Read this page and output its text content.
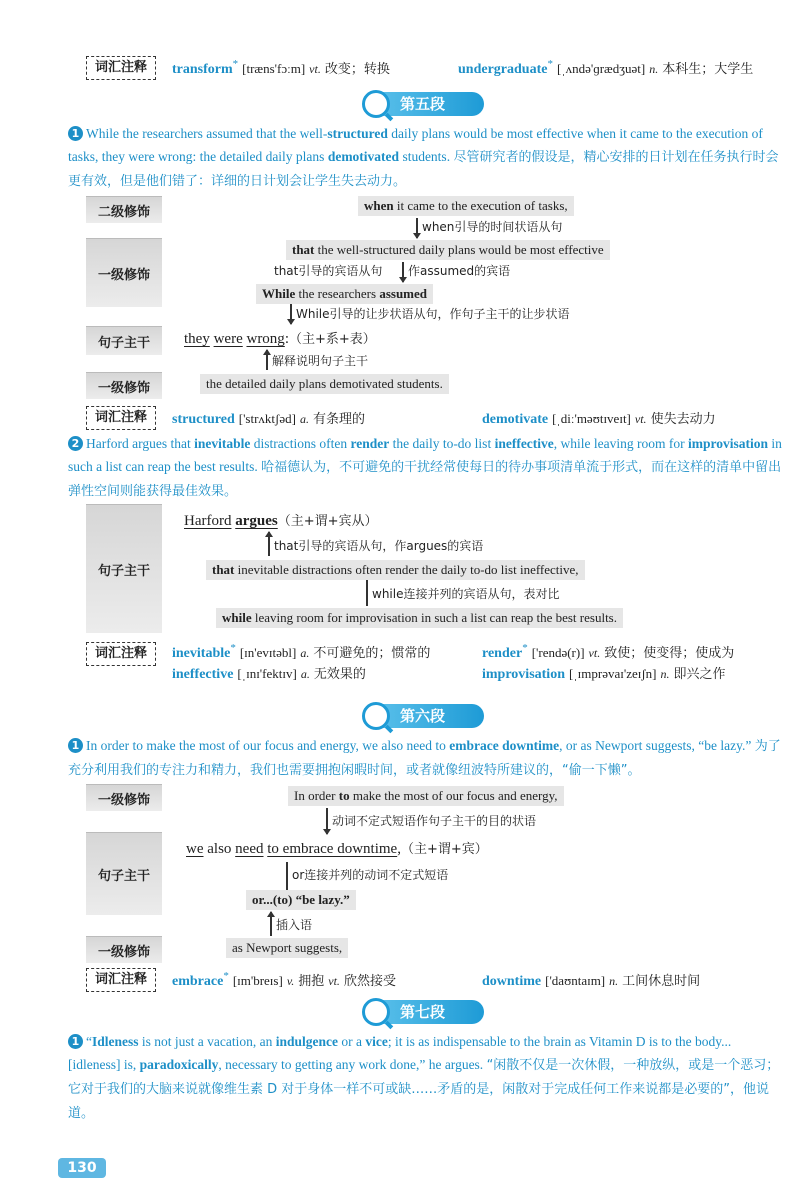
词汇注释	transform* [træns'fɔːm] vt. 改变；转换	undergraduate* [ˌʌndə'ɡrædʒuət] n. 本科生；大学生
第五段
1 While the researchers assumed that the well-structured daily plans would be most effective when it came to the execution of tasks, they were wrong: the detailed daily plans demotivated students. 尽管研究者的假设是，精心安排的日计划在任务执行时会更有效，但是他们错了：详细的日计划会让学生失去动力。
二级修饰
一级修饰
句子主干
一级修饰
when it came to the execution of tasks,
when引导的时间状语从句
that the well-structured daily plans would be most effective
that引导的宾语从句 作assumed的宾语
While the researchers assumed
While引导的让步状语从句，作句子主干的让步状语
they were wrong:（主+系+表）
解释说明句子主干
the detailed daily plans demotivated students.
词汇注释	structured ['strʌktʃəd] a. 有条理的	demotivate [ˌdiː'məʊtɪveɪt] vt. 使失去动力
2 Harford argues that inevitable distractions often render the daily to-do list ineffective, while leaving room for improvisation in such a list can reap the best results. 哈福德认为，不可避免的干扰经常使每日的待办事项清单流于形式，而在这样的清单中留出弹性空间则能获得最佳效果。
句子主干
Harford argues（主+谓+宾从）
that引导的宾语从句，作argues的宾语
that inevitable distractions often render the daily to-do list ineffective,
while连接并列的宾语从句，表对比
while leaving room for improvisation in such a list can reap the best results.
词汇注释	inevitable* [ɪn'evɪtəbl] a. 不可避免的；惯常的	render* ['rendə(r)] vt. 致使；使变得；使成为
ineffective [ˌɪnɪ'fektɪv] a. 无效果的	improvisation [ˌɪmprəvaɪ'zeɪʃn] n. 即兴之作
第六段
1 In order to make the most of our focus and energy, we also need to embrace downtime, or as Newport suggests, “be lazy.” 为了充分利用我们的专注力和精力，我们也需要拥抱闲暇时间，或者就像纽波特所建议的，“偷一下懒”。
一级修饰
句子主干
一级修饰
In order to make the most of our focus and energy,
动词不定式短语作句子主干的目的状语
we also need to embrace downtime,（主+谓+宾）
or连接并列的动词不定式短语
or...(to) “be lazy.”
插入语
as Newport suggests,
词汇注释	embrace* [ɪm'breɪs] v. 拥抱 vt. 欣然接受	downtime ['daʊntaɪm] n. 工间休息时间
第七段
1 “Idleness is not just a vacation, an indulgence or a vice; it is as indispensable to the brain as Vitamin D is to the body... [idleness] is, paradoxically, necessary to getting any work done,” he argues. “闲散不仅是一次休假，一种放纵，或是一个恶习；它对于我们的大脑来说就像维生素 D 对于身体一样不可或缺……矛盾的是，闲散对于完成任何工作来说都是必要的”，他说道。
130
